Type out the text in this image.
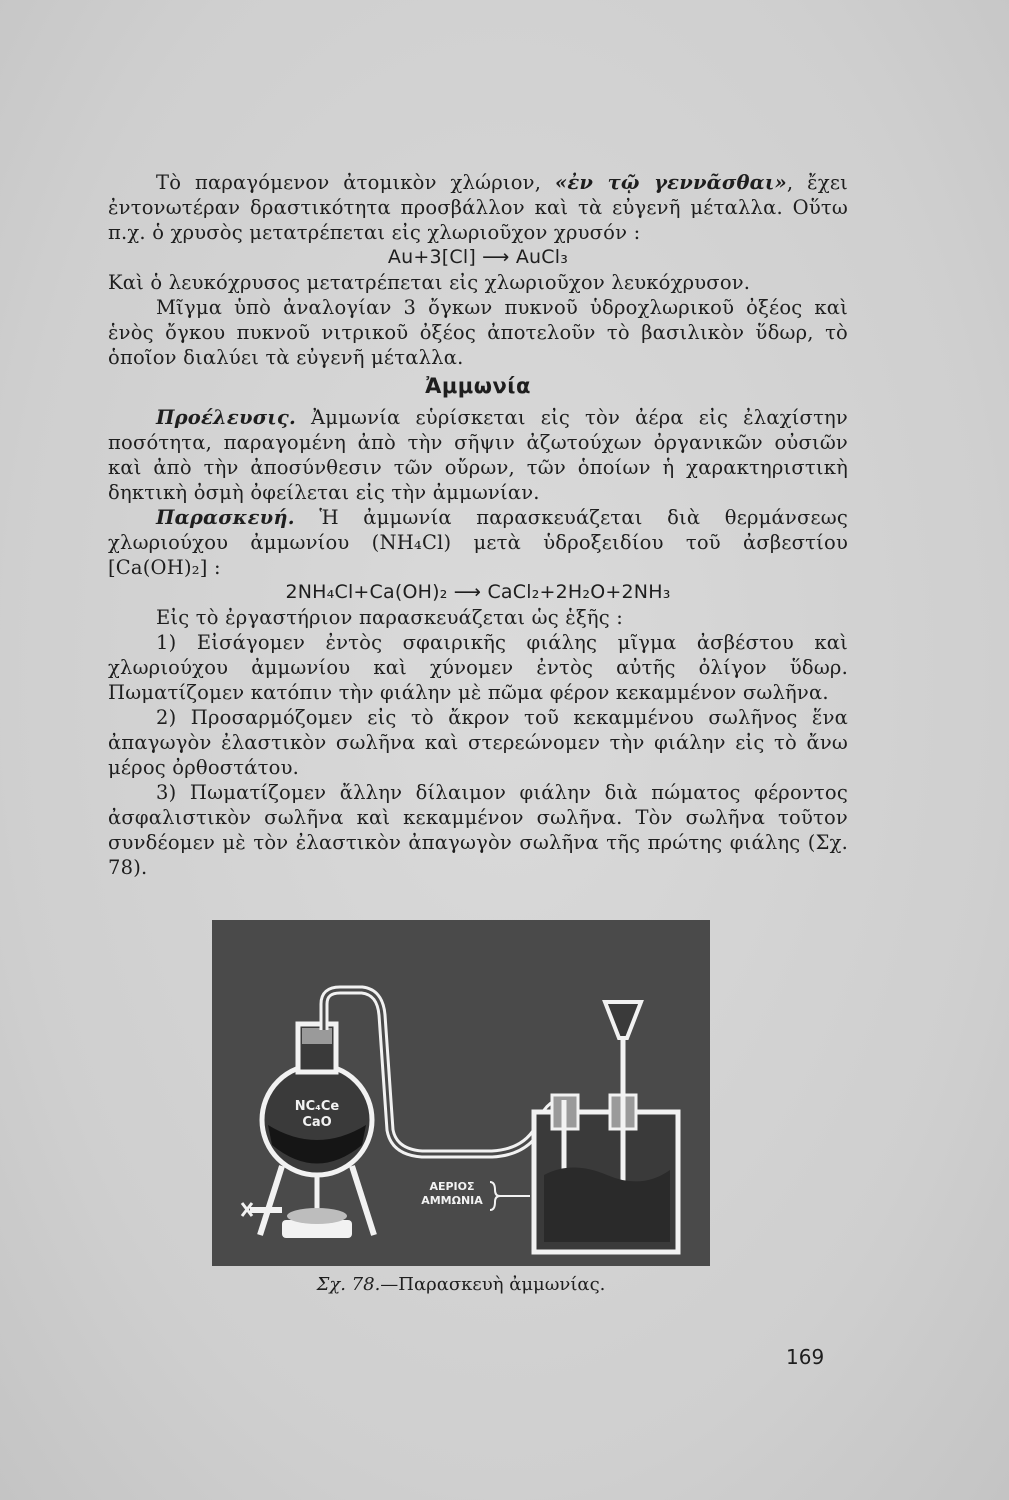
Τὸ παραγόμενον ἀτομικὸν χλώριον, «ἐν τῷ γεννᾶσθαι», ἔχει ἐντονωτέραν δραστικότητα προσβάλλον καὶ τὰ εὐγενῆ μέταλλα. Οὕτω π.χ. ὁ χρυσὸς μετατρέπεται εἰς χλωριοῦχον χρυσόν :

Au+3[Cl] ⟶ AuCl₃

Καὶ ὁ λευκόχρυσος μετατρέπεται εἰς χλωριοῦχον λευκόχρυσον.

Μῖγμα ὑπὸ ἀναλογίαν 3 ὄγκων πυκνοῦ ὑδροχλωρικοῦ ὀξέος καὶ ἑνὸς ὄγκου πυκνοῦ νιτρικοῦ ὀξέος ἀποτελοῦν τὸ βασιλικὸν ὕδωρ, τὸ ὁποῖον διαλύει τὰ εὐγενῆ μέταλλα.

Ἀμμωνία

Προέλευσις. Ἀμμωνία εὑρίσκεται εἰς τὸν ἀέρα εἰς ἐλαχίστην ποσότητα, παραγομένη ἀπὸ τὴν σῆψιν ἀζωτούχων ὀργανικῶν οὐσιῶν καὶ ἀπὸ τὴν ἀποσύνθεσιν τῶν οὔρων, τῶν ὁποίων ἡ χαρακτηριστικὴ δηκτικὴ ὀσμὴ ὀφείλεται εἰς τὴν ἀμμωνίαν.

Παρασκευή. Ἡ ἀμμωνία παρασκευάζεται διὰ θερμάνσεως χλωριούχου ἀμμωνίου (NH₄Cl) μετὰ ὑδροξειδίου τοῦ ἀσβεστίου [Ca(OH)₂] :

2NH₄Cl+Ca(OH)₂ ⟶ CaCl₂+2H₂O+2NH₃

Εἰς τὸ ἐργαστήριον παρασκευάζεται ὡς ἑξῆς :

1) Εἰσάγομεν ἐντὸς σφαιρικῆς φιάλης μῖγμα ἀσβέστου καὶ χλωριούχου ἀμμωνίου καὶ χύνομεν ἐντὸς αὐτῆς ὀλίγον ὕδωρ. Πωματίζομεν κατόπιν τὴν φιάλην μὲ πῶμα φέρον κεκαμμένον σωλῆνα.

2) Προσαρμόζομεν εἰς τὸ ἄκρον τοῦ κεκαμμένου σωλῆνος ἕνα ἀπαγωγὸν ἐλαστικὸν σωλῆνα καὶ στερεώνομεν τὴν φιάλην εἰς τὸ ἄνω μέρος ὀρθοστάτου.

3) Πωματίζομεν ἄλλην δίλαιμον φιάλην διὰ πώματος φέροντος ἀσφαλιστικὸν σωλῆνα καὶ κεκαμμένον σωλῆνα. Τὸν σωλῆνα τοῦτον συνδέομεν μὲ τὸν ἐλαστικὸν ἀπαγωγὸν σωλῆνα τῆς πρώτης φιάλης (Σχ. 78).

NC₄Ce
CaO
ΑΕΡΙΟΣ
ΑΜΜΩΝΙΑ
Σχ. 78.—Παρασκευὴ ἀμμωνίας.
169
